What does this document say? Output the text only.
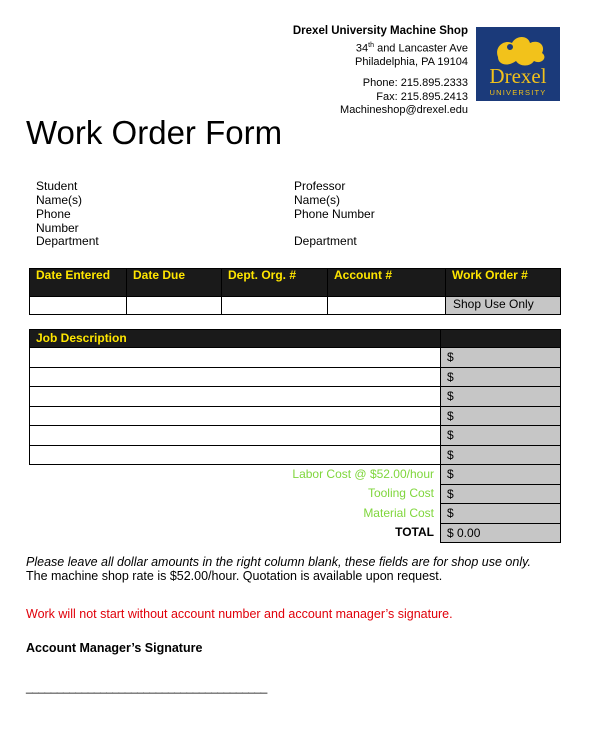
Drexel University Machine Shop
34th and Lancaster Ave
Philadelphia, PA 19104
Phone: 215.895.2333
Fax: 215.895.2413
Machineshop@drexel.edu
Drexel
UNIVERSITY
Work Order Form
Student
Name(s)
Phone Number
Department
Professor
Name(s)
Phone Number
Department
Date Entered	Date Due	Dept. Org. #	Account #	Work Order #
				Shop Use Only
Job Description	
	$
	$
	$
	$
	$
	$
Labor Cost @ $52.00/hour	$
Tooling Cost	$
Material Cost	$
TOTAL	$ 0.00
Please leave all dollar amounts in the right column blank, these fields are for shop use only. The machine shop rate is $52.00/hour. Quotation is available upon request.
Work will not start without account number and account manager’s signature.
Account Manager’s Signature
_______________________________________
